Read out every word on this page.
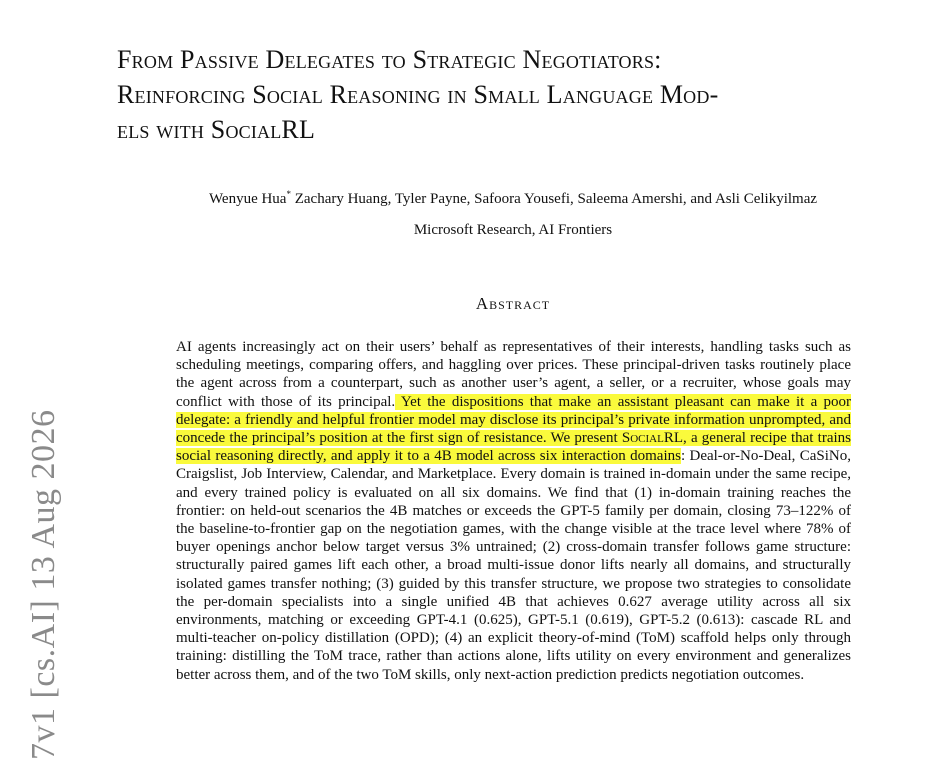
From Passive Delegates to Strategic Negotiators:
Reinforcing Social Reasoning in Small Language Mod-
els with SocialRL
Wenyue Hua* Zachary Huang, Tyler Payne, Safoora Yousefi, Saleema Amershi, and Asli Celikyilmaz
Microsoft Research, AI Frontiers
Abstract

AI agents increasingly act on their users’ behalf as representatives of their interests, handling tasks such as scheduling meetings, comparing offers, and haggling over prices. These principal-driven tasks routinely place the agent across from a counterpart, such as another user’s agent, a seller, or a recruiter, whose goals may conflict with those of its principal. Yet the dispositions that make an assistant pleasant can make it a poor delegate: a friendly and helpful frontier model may disclose its principal’s private information unprompted, and concede the principal’s position at the first sign of resistance. We present SocialRL, a general recipe that trains social reasoning directly, and apply it to a 4B model across six interaction domains: Deal-or-No-Deal, CaSiNo, Craigslist, Job Interview, Calendar, and Marketplace. Every domain is trained in-domain under the same recipe, and every trained policy is evaluated on all six domains. We find that (1) in-domain training reaches the frontier: on held-out scenarios the 4B matches or exceeds the GPT-5 family per domain, closing 73–122% of the baseline-to-frontier gap on the negotiation games, with the change visible at the trace level where 78% of buyer openings anchor below target versus 3% untrained; (2) cross-domain transfer follows game structure: structurally paired games lift each other, a broad multi-issue donor lifts nearly all domains, and structurally isolated games transfer nothing; (3) guided by this transfer structure, we propose two strategies to consolidate the per-domain specialists into a single unified 4B that achieves 0.627 average utility across all six environments, matching or exceeding GPT-4.1 (0.625), GPT-5.1 (0.619), GPT-5.2 (0.613): cascade RL and multi-teacher on-policy distillation (OPD); (4) an explicit theory-of-mind (ToM) scaffold helps only through training: distilling the ToM trace, rather than actions alone, lifts utility on every environment and generalizes better across them, and of the two ToM skills, only next-action prediction predicts negotiation outcomes.

7v1 [cs.AI] 13 Aug 2026
